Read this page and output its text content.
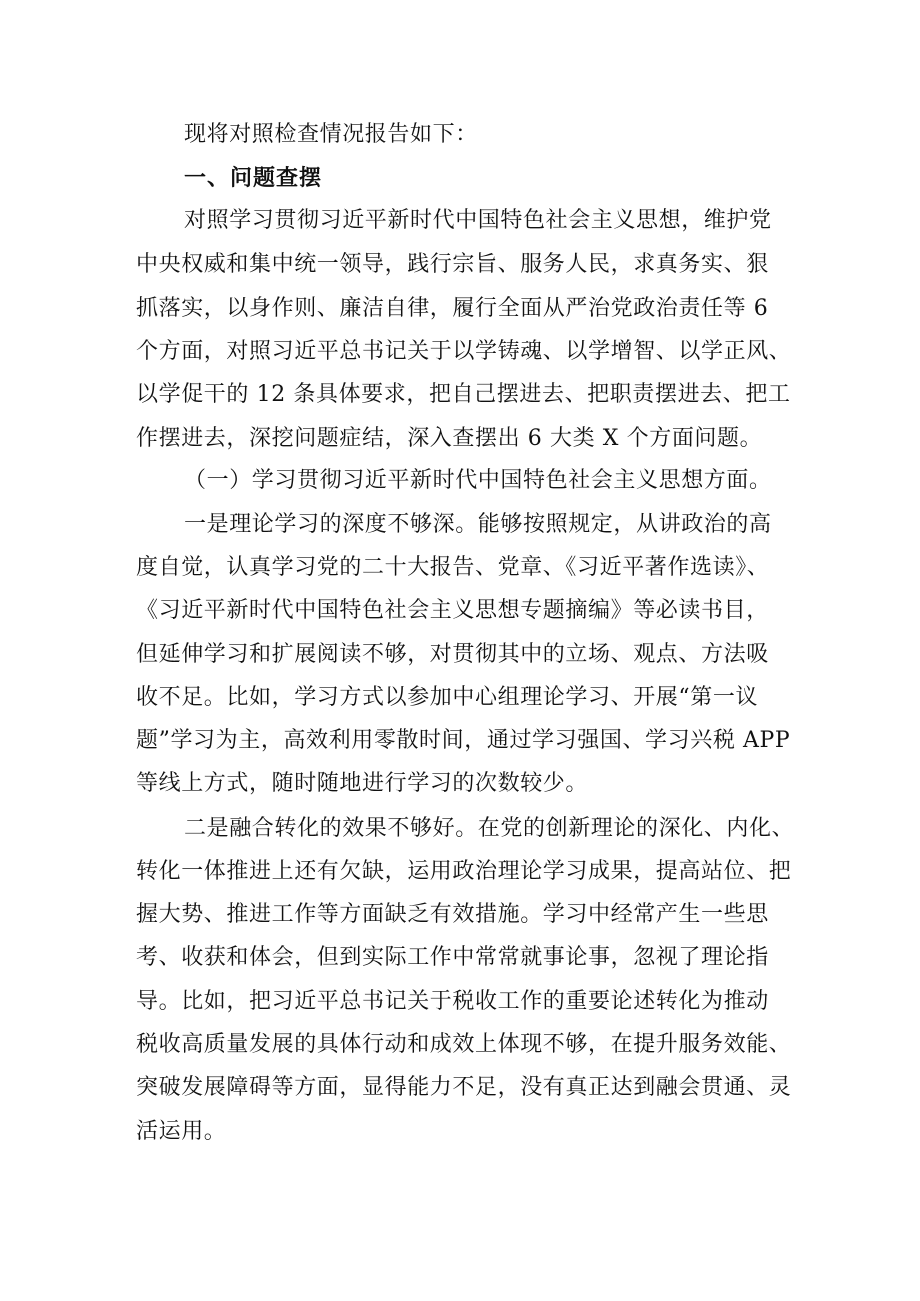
现将对照检查情况报告如下：

一、问题查摆

对照学习贯彻习近平新时代中国特色社会主义思想，维护党

中央权威和集中统一领导，践行宗旨、服务人民，求真务实、狠

抓落实，以身作则、廉洁自律，履行全面从严治党政治责任等 6

个方面，对照习近平总书记关于以学铸魂、以学增智、以学正风、

以学促干的 12 条具体要求，把自己摆进去、把职责摆进去、把工

作摆进去，深挖问题症结，深入查摆出 6 大类 X 个方面问题。

（一）学习贯彻习近平新时代中国特色社会主义思想方面。

一是理论学习的深度不够深。能够按照规定，从讲政治的高

度自觉，认真学习党的二十大报告、党章、《习近平著作选读》、

《习近平新时代中国特色社会主义思想专题摘编》等必读书目，

但延伸学习和扩展阅读不够，对贯彻其中的立场、观点、方法吸

收不足。比如，学习方式以参加中心组理论学习、开展“第一议

题”学习为主，高效利用零散时间，通过学习强国、学习兴税 APP

等线上方式，随时随地进行学习的次数较少。

二是融合转化的效果不够好。在党的创新理论的深化、内化、

转化一体推进上还有欠缺，运用政治理论学习成果，提高站位、把

握大势、推进工作等方面缺乏有效措施。学习中经常产生一些思

考、收获和体会，但到实际工作中常常就事论事，忽视了理论指

导。比如，把习近平总书记关于税收工作的重要论述转化为推动

税收高质量发展的具体行动和成效上体现不够，在提升服务效能、

突破发展障碍等方面，显得能力不足，没有真正达到融会贯通、灵

活运用。
